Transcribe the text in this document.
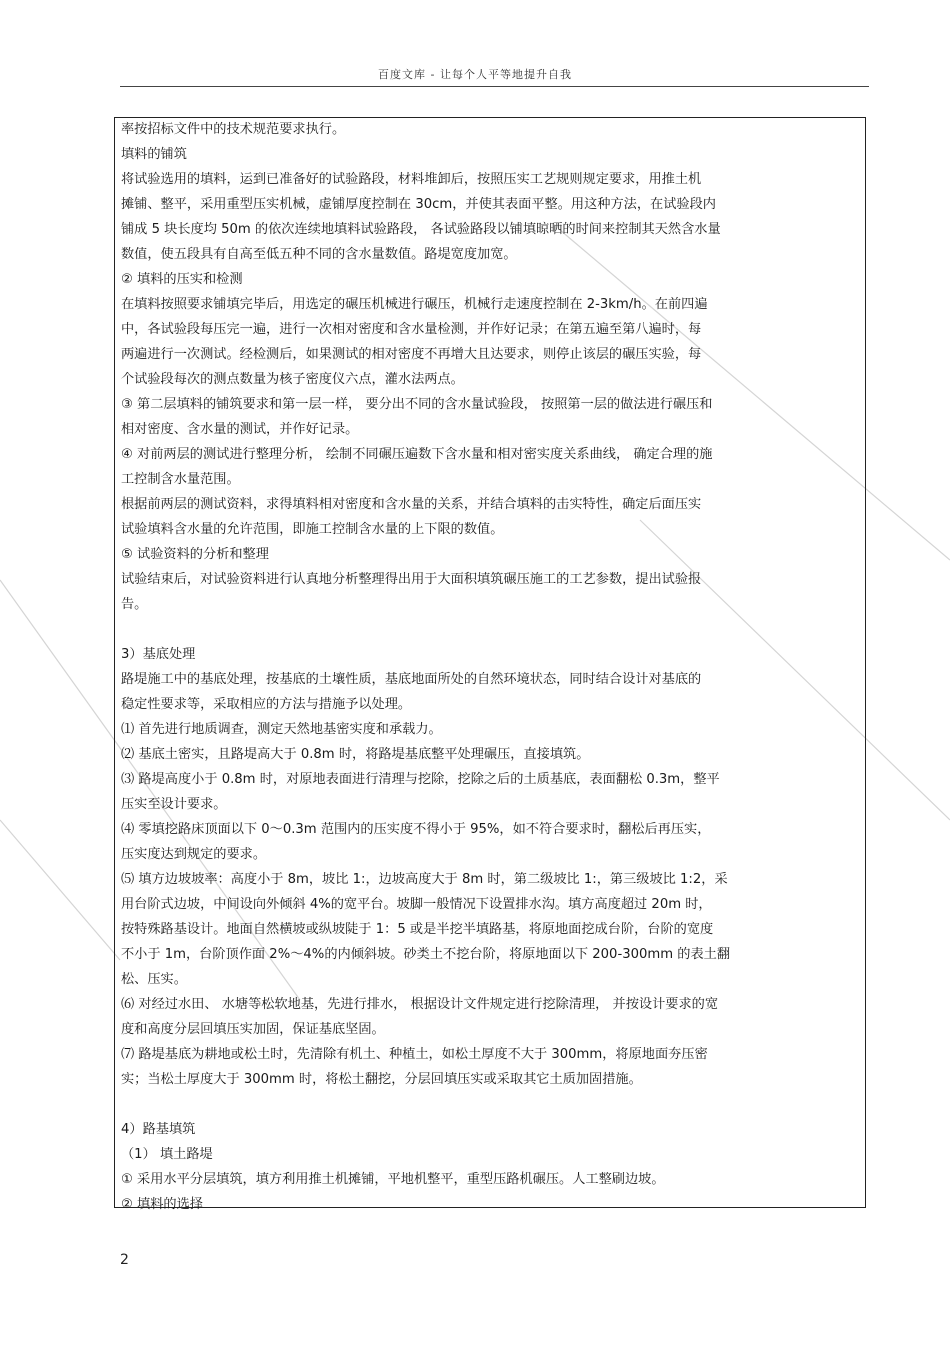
百度文库 - 让每个人平等地提升自我
率按招标文件中的技术规范要求执行。
填料的铺筑
将试验选用的填料，运到已准备好的试验路段，材料堆卸后，按照压实工艺规则规定要求，用推土机
摊铺、整平，采用重型压实机械，虚铺厚度控制在 30cm，并使其表面平整。用这种方法，在试验段内
铺成 5 块长度均 50m 的依次连续地填料试验路段， 各试验路段以铺填晾晒的时间来控制其天然含水量
数值，使五段具有自高至低五种不同的含水量数值。路堤宽度加宽。
② 填料的压实和检测
在填料按照要求铺填完毕后，用选定的碾压机械进行碾压，机械行走速度控制在 2-3km/h。在前四遍
中，各试验段每压完一遍，进行一次相对密度和含水量检测，并作好记录；在第五遍至第八遍时，每
两遍进行一次测试。经检测后，如果测试的相对密度不再增大且达要求，则停止该层的碾压实验，每
个试验段每次的测点数量为核子密度仪六点，灌水法两点。
③ 第二层填料的铺筑要求和第一层一样， 要分出不同的含水量试验段， 按照第一层的做法进行碾压和
相对密度、含水量的测试，并作好记录。
④ 对前两层的测试进行整理分析， 绘制不同碾压遍数下含水量和相对密实度关系曲线， 确定合理的施
工控制含水量范围。
根据前两层的测试资料，求得填料相对密度和含水量的关系，并结合填料的击实特性，确定后面压实
试验填料含水量的允许范围，即施工控制含水量的上下限的数值。
⑤ 试验资料的分析和整理
试验结束后，对试验资料进行认真地分析整理得出用于大面积填筑碾压施工的工艺参数，提出试验报
告。
3）基底处理
路堤施工中的基底处理，按基底的土壤性质，基底地面所处的自然环境状态，同时结合设计对基底的
稳定性要求等，采取相应的方法与措施予以处理。
⑴ 首先进行地质调查，测定天然地基密实度和承载力。
⑵ 基底土密实，且路堤高大于 0.8m 时，将路堤基底整平处理碾压，直接填筑。
⑶ 路堤高度小于 0.8m 时，对原地表面进行清理与挖除，挖除之后的土质基底，表面翻松 0.3m，整平
压实至设计要求。
⑷ 零填挖路床顶面以下 0～0.3m 范围内的压实度不得小于 95%，如不符合要求时，翻松后再压实，
压实度达到规定的要求。
⑸ 填方边坡坡率：高度小于 8m，坡比 1:，边坡高度大于 8m 时，第二级坡比 1:，第三级坡比 1:2，采
用台阶式边坡，中间设向外倾斜 4%的宽平台。坡脚一般情况下设置排水沟。填方高度超过 20m 时，
按特殊路基设计。地面自然横坡或纵坡陡于 1：5 或是半挖半填路基，将原地面挖成台阶，台阶的宽度
不小于 1m，台阶顶作面 2%～4%的内倾斜坡。砂类土不挖台阶，将原地面以下 200-300mm 的表土翻
松、压实。
⑹ 对经过水田、 水塘等松软地基，先进行排水， 根据设计文件规定进行挖除清理， 并按设计要求的宽
度和高度分层回填压实加固，保证基底坚固。
⑺ 路堤基底为耕地或松土时，先清除有机土、种植土，如松土厚度不大于 300mm，将原地面夯压密
实；当松土厚度大于 300mm 时，将松土翻挖，分层回填压实或采取其它土质加固措施。
4）路基填筑
（1） 填土路堤
① 采用水平分层填筑，填方利用推土机摊铺，平地机整平，重型压路机碾压。人工整刷边坡。
② 填料的选择
2
